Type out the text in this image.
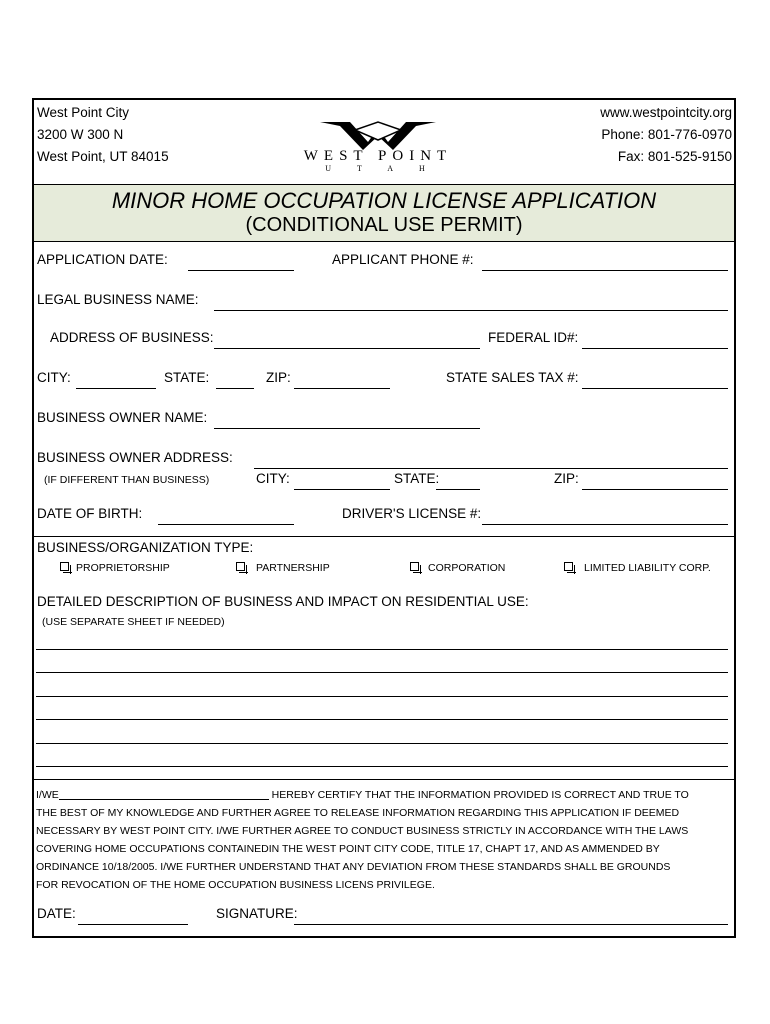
West Point City
3200 W 300 N
West Point, UT 84015	WEST POINT
UTAH
www.westpointcity.org
Phone: 801-776-0970
Fax: 801-525-9150
MINOR HOME OCCUPATION LICENSE APPLICATION
(CONDITIONAL USE PERMIT)
APPLICATION DATE:	APPLICANT PHONE #:
LEGAL BUSINESS NAME:
ADDRESS OF BUSINESS:	FEDERAL ID#:
CITY:	STATE:	ZIP:	STATE SALES TAX #:
BUSINESS OWNER NAME:
BUSINESS OWNER ADDRESS:
(IF DIFFERENT THAN BUSINESS)	CITY:	STATE:	ZIP:
DATE OF BIRTH:	DRIVER'S LICENSE #:
BUSINESS/ORGANIZATION TYPE:
PROPRIETORSHIP	PARTNERSHIP	CORPORATION	LIMITED LIABILITY CORP.
DETAILED DESCRIPTION OF BUSINESS AND IMPACT ON RESIDENTIAL USE:
(USE SEPARATE SHEET IF NEEDED)

I/WE	HEREBY CERTIFY THAT THE INFORMATION PROVIDED IS CORRECT AND TRUE TO

THE BEST OF MY KNOWLEDGE AND FURTHER AGREE TO RELEASE INFORMATION REGARDING THIS APPLICATION IF DEEMED

NECESSARY BY WEST POINT CITY. I/WE FURTHER AGREE TO CONDUCT BUSINESS STRICTLY IN ACCORDANCE WITH THE LAWS

COVERING HOME OCCUPATIONS CONTAINEDIN THE WEST POINT CITY CODE, TITLE 17, CHAPT 17, AND AS AMMENDED BY

ORDINANCE 10/18/2005. I/WE FURTHER UNDERSTAND THAT ANY DEVIATION FROM THESE STANDARDS SHALL BE GROUNDS

FOR REVOCATION OF THE HOME OCCUPATION BUSINESS LICENS PRIVILEGE.

DATE:	SIGNATURE:
